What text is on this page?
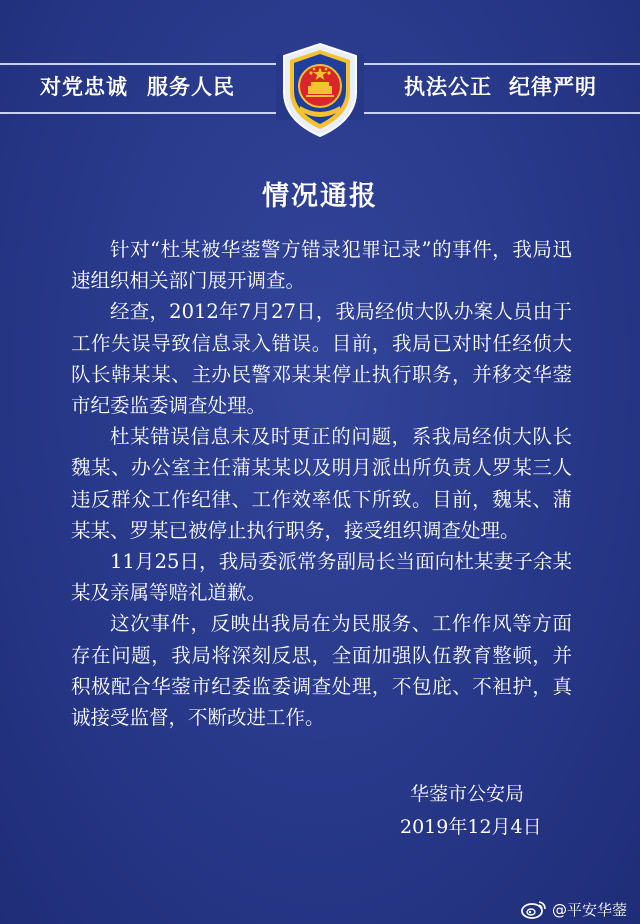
对党忠诚 服务人民	执法公正 纪律严明
情况通报

针对“杜某被华蓥警方错录犯罪记录”的事件，我局迅速组织相关部门展开调查。

经查，2012年7月27日，我局经侦大队办案人员由于工作失误导致信息录入错误。目前，我局已对时任经侦大队长韩某某、主办民警邓某某停止执行职务，并移交华蓥市纪委监委调查处理。

杜某错误信息未及时更正的问题，系我局经侦大队长魏某、办公室主任蒲某某以及明月派出所负责人罗某三人违反群众工作纪律、工作效率低下所致。目前，魏某、蒲某某、罗某已被停止执行职务，接受组织调查处理。

11月25日，我局委派常务副局长当面向杜某妻子余某某及亲属等赔礼道歉。

这次事件，反映出我局在为民服务、工作作风等方面存在问题，我局将深刻反思，全面加强队伍教育整顿，并积极配合华蓥市纪委监委调查处理，不包庇、不袒护，真诚接受监督，不断改进工作。

华蓥市公安局
2019年12月4日
@平安华蓥
